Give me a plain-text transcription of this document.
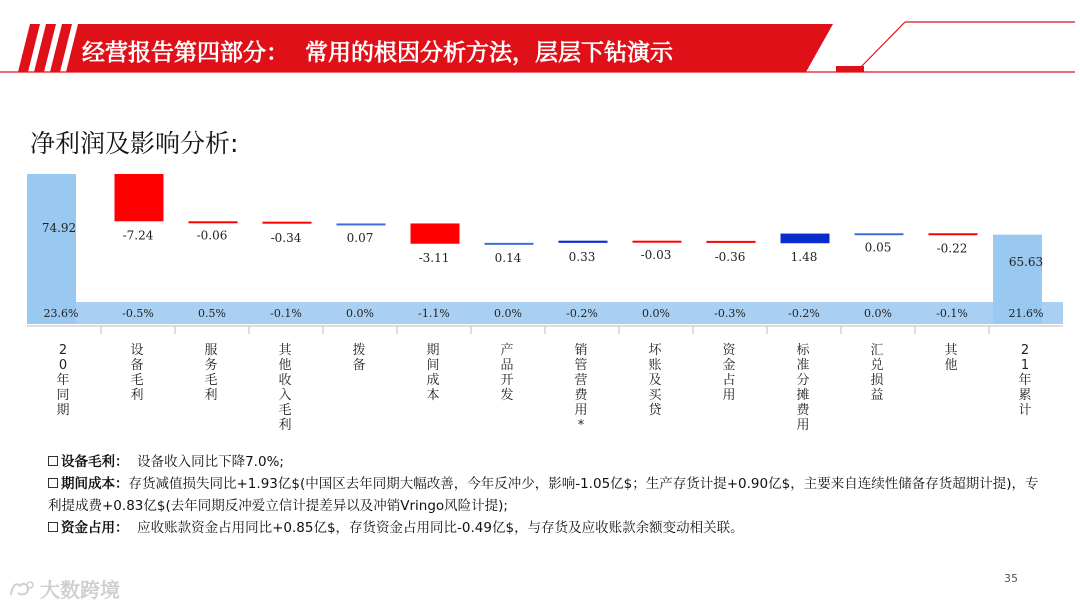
经营报告第四部分：  常用的根因分析方法，层层下钻演示
净利润及影响分析:
74.92
23.6%
2 0 年同期
-7.24
-0.5%
设备毛利
-0.06
0.5%
服务毛利
-0.34
-0.1%
其他收入毛利
0.07
0.0%
拨备
-3.11
-1.1%
期间成本
0.14
0.0%
产品开发
0.33
-0.2%
销管营费用*
-0.03
0.0%
坏账及买贷
-0.36
-0.3%
资金占用
1.48
-0.2%
标准分摊费用
0.05
0.0%
汇兑损益
-0.22
-0.1%
其他
65.63
21.6%
2 1 年累计

设备毛利： 设备收入同比下降7.0%;

期间成本：存货减值损失同比+1.93亿$(中国区去年同期大幅改善，今年反冲少，影响-1.05亿$；生产存货计提+0.90亿$，主要来自连续性储备存货超期计提)，专利提成费+0.83亿$(去年同期反冲爱立信计提差异以及冲销Vringo风险计提);

资金占用： 应收账款资金占用同比+0.85亿$，存货资金占用同比-0.49亿$，与存货及应收账款余额变动相关联。

35
大数跨境
